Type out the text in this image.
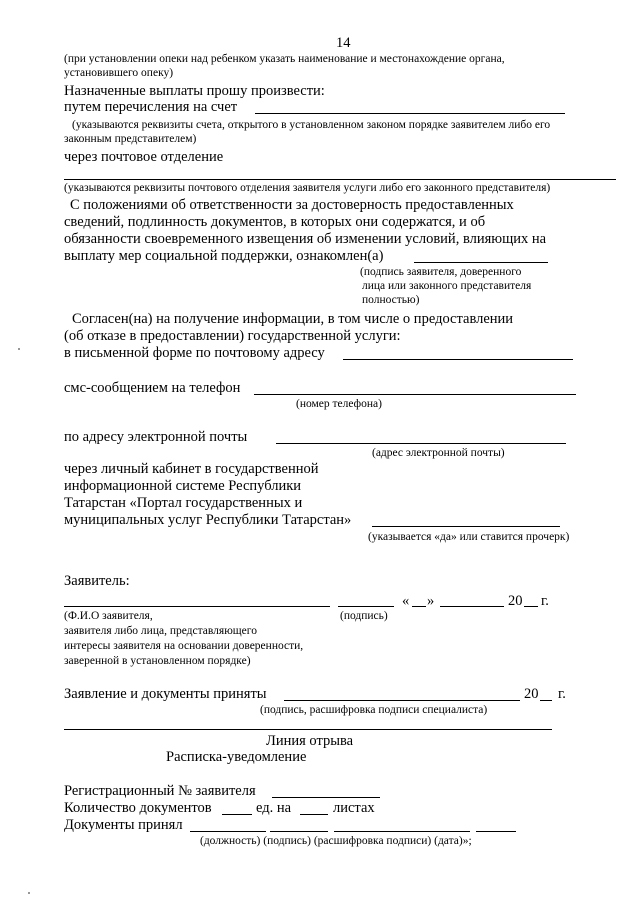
14
(при установлении опеки над ребенком указать наименование и местонахождение органа,
установившего опеку)
Назначенные выплаты прошу произвести:
путем перечисления на счет
(указываются реквизиты счета, открытого в установленном законом порядке заявителем либо его
законным представителем)
через почтовое отделение
(указываются реквизиты почтового отделения заявителя услуги либо его законного представителя)
С положениями об ответственности за достоверность предоставленных
сведений, подлинность документов, в которых они содержатся, и об
обязанности своевременного извещения об изменении условий, влияющих на
выплату мер социальной поддержки, ознакомлен(а)
(подпись заявителя, доверенного
лица или законного представителя
полностью)
Согласен(на) на получение информации, в том числе о предоставлении
(об отказе в предоставлении) государственной услуги:
в письменной форме по почтовому адресу
смс-сообщением на телефон
(номер телефона)
по адресу электронной почты
(адрес электронной почты)
через личный кабинет в государственной
информационной системе Республики
Татарстан «Портал государственных и
муниципальных услуг Республики Татарстан»
(указывается «да» или ставится прочерк)
Заявитель:
« »	20 г.
(Ф.И.О заявителя,	(подпись)
заявителя либо лица, представляющего
интересы заявителя на основании доверенности,
заверенной в установленном порядке)
Заявление и документы приняты	20 г.
(подпись, расшифровка подписи специалиста)
Линия отрыва
Расписка-уведомление
Регистрационный № заявителя
Количество документов	ед. на	листах
Документы принял
(должность) (подпись) (расшифровка подписи) (дата)»;
